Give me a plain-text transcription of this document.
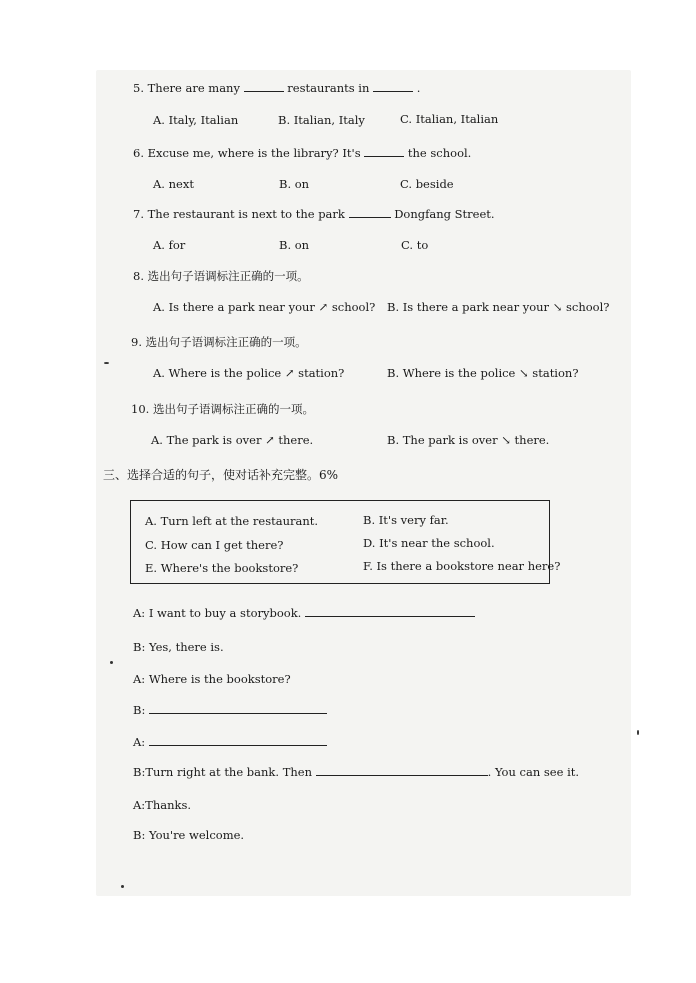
5. There are many	restaurants in	.
A. Italy, Italian	B. Italian, Italy	C. Italian, Italian
6. Excuse me, where is the library? It's	the school.
A. next	B. on	C. beside
7. The restaurant is next to the park	Dongfang Street.
A. for	B. on	C. to
8. 选出句子语调标注正确的一项。
A. Is there a park near your ↗ school? B. Is there a park near your ↘ school?
9. 选出句子语调标注正确的一项。
A. Where is the police ↗ station?	B. Where is the police ↘ station?
10. 选出句子语调标注正确的一项。
A. The park is over ↗ there.	B. The park is over ↘ there.
三、选择合适的句子，使对话补充完整。6%
A. Turn left at the restaurant.	B. It's very far.
C. How can I get there?	D. It's near the school.
E. Where's the bookstore?	F. Is there a bookstore near here?
A: I want to buy a storybook.
B: Yes, there is.
A: Where is the bookstore?
B:
A:
B:Turn right at the bank. Then	. You can see it.
A:Thanks.
B: You're welcome.
